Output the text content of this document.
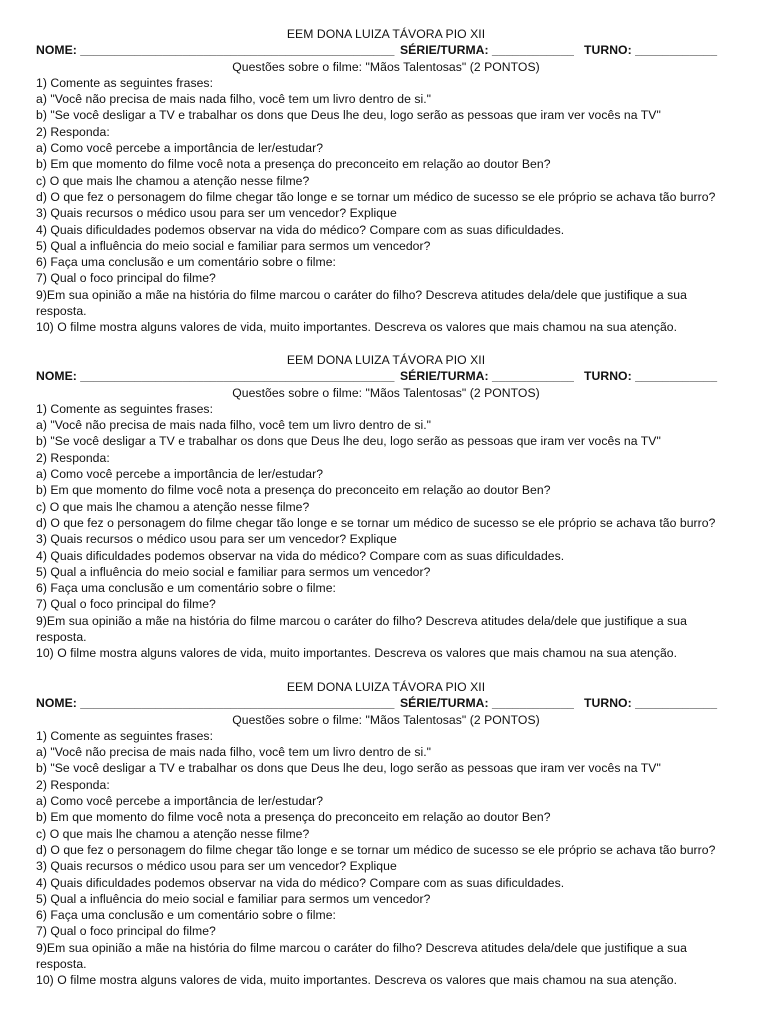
EEM DONA LUIZA TÁVORA PIO XII
NOME: ______________________________________________ SÉRIE/TURMA: ____________ TURNO: ____________
Questões sobre o filme: "Mãos Talentosas" (2 PONTOS)
1) Comente as seguintes frases:
a) "Você não precisa de mais nada filho, você tem um livro dentro de si."
b) "Se você desligar a TV e trabalhar os dons que Deus lhe deu, logo serão as pessoas que iram ver vocês na TV"
2) Responda:
a) Como você percebe a importância de ler/estudar?
b) Em que momento do filme você nota a presença do preconceito em relação ao doutor Ben?
c) O que mais lhe chamou a atenção nesse filme?
d) O que fez o personagem do filme chegar tão longe e se tornar um médico de sucesso se ele próprio se achava tão burro?
3) Quais recursos o médico usou para ser um vencedor? Explique
4) Quais dificuldades podemos observar na vida do médico? Compare com as suas dificuldades.
5) Qual a influência do meio social e familiar para sermos um vencedor?
6) Faça uma conclusão e um comentário sobre o filme:
7) Qual o foco principal do filme?
9)Em sua opinião a mãe na história do filme marcou o caráter do filho? Descreva atitudes dela/dele que justifique a sua resposta.
10) O filme mostra alguns valores de vida, muito importantes. Descreva os valores que mais chamou na sua atenção.
EEM DONA LUIZA TÁVORA PIO XII
NOME: ______________________________________________ SÉRIE/TURMA: ____________ TURNO: ____________
Questões sobre o filme: "Mãos Talentosas" (2 PONTOS)
1) Comente as seguintes frases:
a) "Você não precisa de mais nada filho, você tem um livro dentro de si."
b) "Se você desligar a TV e trabalhar os dons que Deus lhe deu, logo serão as pessoas que iram ver vocês na TV"
2) Responda:
a) Como você percebe a importância de ler/estudar?
b) Em que momento do filme você nota a presença do preconceito em relação ao doutor Ben?
c) O que mais lhe chamou a atenção nesse filme?
d) O que fez o personagem do filme chegar tão longe e se tornar um médico de sucesso se ele próprio se achava tão burro?
3) Quais recursos o médico usou para ser um vencedor? Explique
4) Quais dificuldades podemos observar na vida do médico? Compare com as suas dificuldades.
5) Qual a influência do meio social e familiar para sermos um vencedor?
6) Faça uma conclusão e um comentário sobre o filme:
7) Qual o foco principal do filme?
9)Em sua opinião a mãe na história do filme marcou o caráter do filho? Descreva atitudes dela/dele que justifique a sua resposta.
10) O filme mostra alguns valores de vida, muito importantes. Descreva os valores que mais chamou na sua atenção.
EEM DONA LUIZA TÁVORA PIO XII
NOME: ______________________________________________ SÉRIE/TURMA: ____________ TURNO: ____________
Questões sobre o filme: "Mãos Talentosas" (2 PONTOS)
1) Comente as seguintes frases:
a) "Você não precisa de mais nada filho, você tem um livro dentro de si."
b) "Se você desligar a TV e trabalhar os dons que Deus lhe deu, logo serão as pessoas que iram ver vocês na TV"
2) Responda:
a) Como você percebe a importância de ler/estudar?
b) Em que momento do filme você nota a presença do preconceito em relação ao doutor Ben?
c) O que mais lhe chamou a atenção nesse filme?
d) O que fez o personagem do filme chegar tão longe e se tornar um médico de sucesso se ele próprio se achava tão burro?
3) Quais recursos o médico usou para ser um vencedor? Explique
4) Quais dificuldades podemos observar na vida do médico? Compare com as suas dificuldades.
5) Qual a influência do meio social e familiar para sermos um vencedor?
6) Faça uma conclusão e um comentário sobre o filme:
7) Qual o foco principal do filme?
9)Em sua opinião a mãe na história do filme marcou o caráter do filho? Descreva atitudes dela/dele que justifique a sua resposta.
10) O filme mostra alguns valores de vida, muito importantes. Descreva os valores que mais chamou na sua atenção.
